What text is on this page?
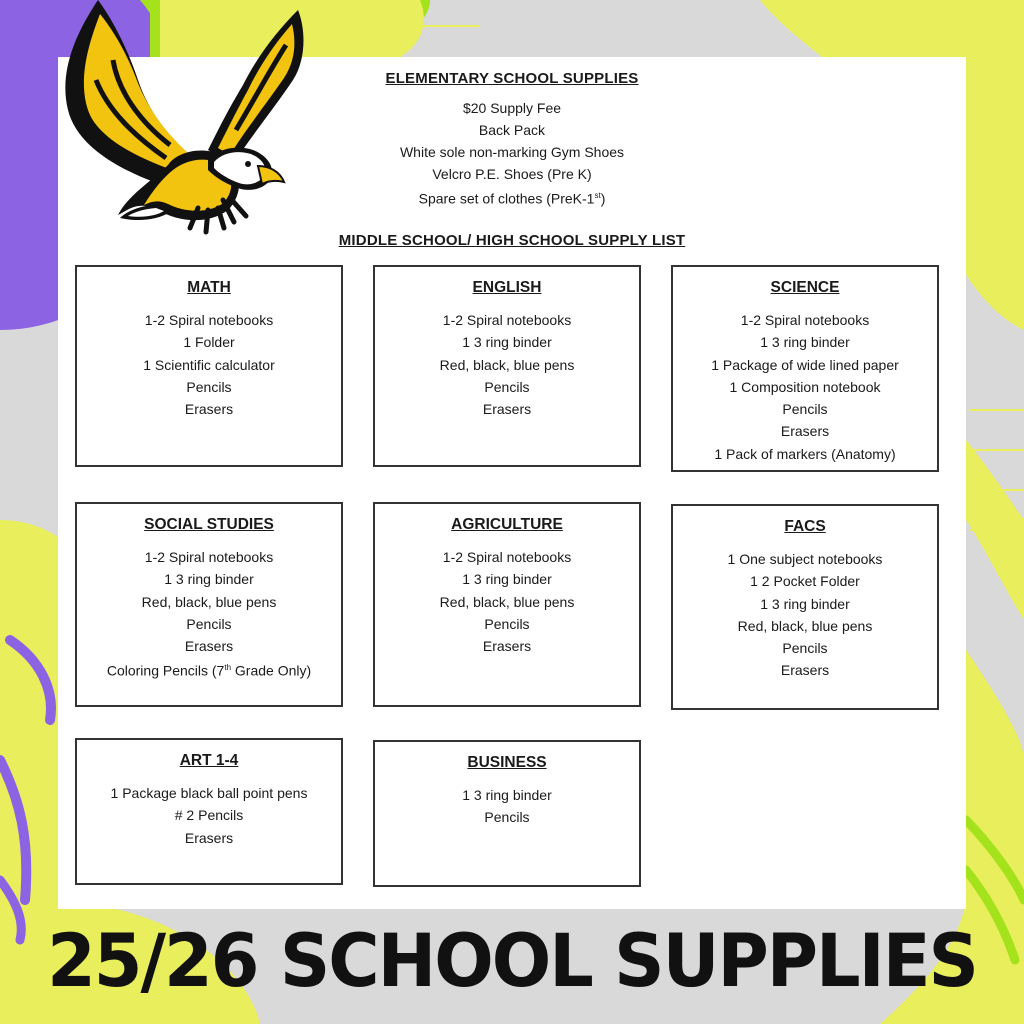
ELEMENTARY SCHOOL SUPPLIES
$20 Supply Fee
Back Pack
White sole non-marking Gym Shoes
Velcro P.E. Shoes (Pre K)
Spare set of clothes (PreK-1st)
MIDDLE SCHOOL/ HIGH SCHOOL SUPPLY LIST
MATH
1-2 Spiral notebooks
1 Folder
1 Scientific calculator
Pencils
Erasers
ENGLISH
1-2 Spiral notebooks
1 3 ring binder
Red, black, blue pens
Pencils
Erasers
SCIENCE
1-2 Spiral notebooks
1 3 ring binder
1 Package of wide lined paper
1 Composition notebook
Pencils
Erasers
1 Pack of markers (Anatomy)
SOCIAL STUDIES
1-2 Spiral notebooks
1 3 ring binder
Red, black, blue pens
Pencils
Erasers
Coloring Pencils (7th Grade Only)
AGRICULTURE
1-2 Spiral notebooks
1 3 ring binder
Red, black, blue pens
Pencils
Erasers
FACS
1 One subject notebooks
1 2 Pocket Folder
1 3 ring binder
Red, black, blue pens
Pencils
Erasers
ART 1-4
1 Package black ball point pens
# 2 Pencils
Erasers
BUSINESS
1 3 ring binder
Pencils
25/26 SCHOOL SUPPLIES
